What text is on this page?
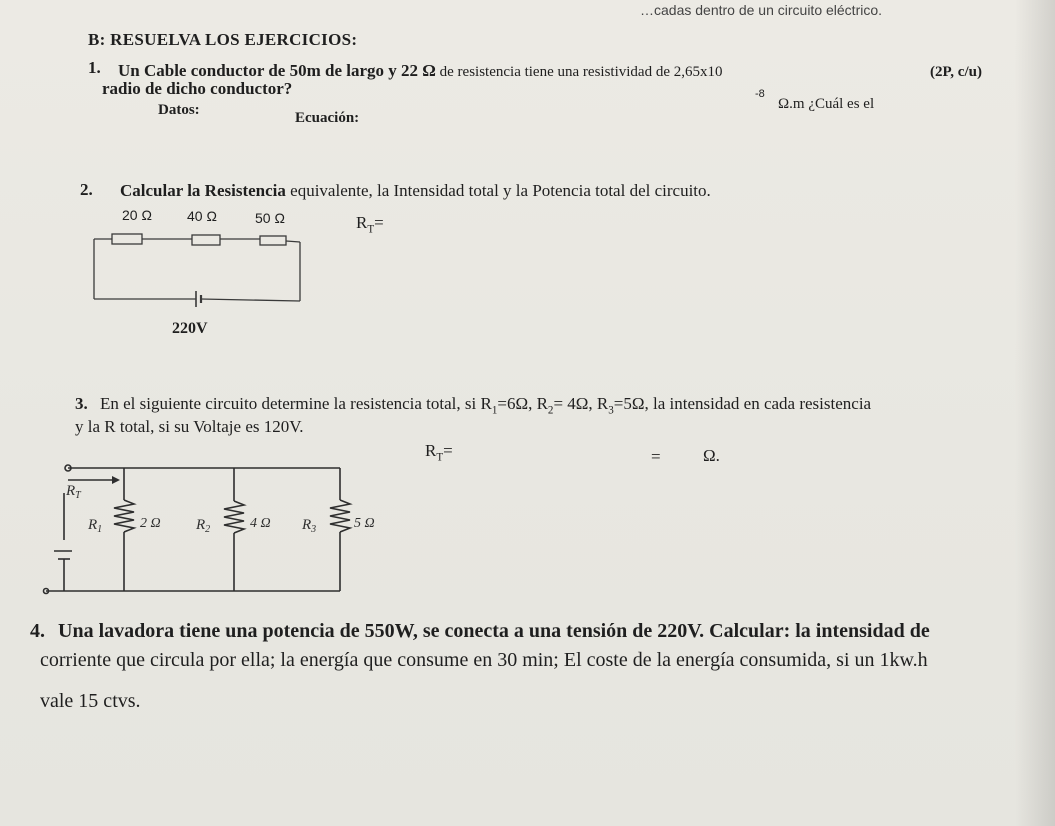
…cadas dentro de un circuito eléctrico.
B: RESUELVA LOS EJERCICIOS:
(2P, c/u)
1. Un Cable conductor de 50m de largo y 22 Ω de resistencia tiene una resistividad de 2,65x10
-8
Ω.m ¿Cuál es el
radio de dicho conductor?
Datos:	Ecuación:
2. Calcular la Resistencia equivalente, la Intensidad total y la Potencia total del circuito.
20 Ω	40 Ω	50 Ω	$R_T=$
220V
3. En el siguiente circuito determine la resistencia total, si $R_1=6\Omega$, $R_2= 4\Omega$, $R_3=5\Omega$, la intensidad en cada resistencia
y la R total, si su Voltaje es 120V.
$R_T=$	= Ω.
$R_T$
$R_1$	2 Ω $R_2$	4 Ω $R_3$	5 Ω
4. Una lavadora tiene una potencia de 550W, se conecta a una tensión de 220V. Calcular: la intensidad de
corriente que circula por ella; la energía que consume en 30 min; El coste de la energía consumida, si un 1kw.h
vale 15 ctvs.
